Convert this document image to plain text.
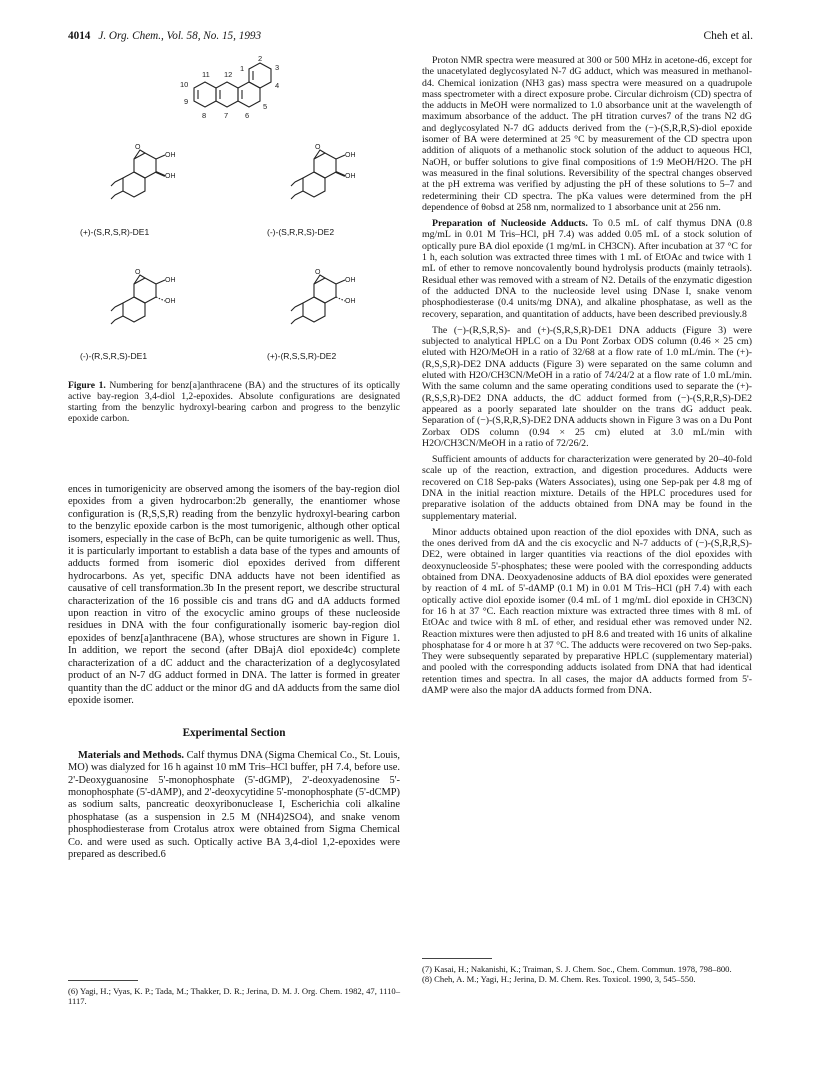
4014 J. Org. Chem., Vol. 58, No. 15, 1993	Cheh et al.
2
3
4
5
6
7
8
9
10
11 12
1
O
OH
OH
O
OH
OH
O
OH
OH
O
OH
OH
(+)-(S,R,S,R)-DE1	(-)-(S,R,R,S)-DE2
(-)-(R,S,R,S)-DE1	(+)-(R,S,S,R)-DE2
Figure 1. Numbering for benz[a]anthracene (BA) and the structures of its optically active bay-region 3,4-diol 1,2-epoxides. Absolute configurations are designated starting from the benzylic hydroxyl-bearing carbon and progress to the benzylic epoxide carbon.

ences in tumorigenicity are observed among the isomers of the bay-region diol epoxides from a given hydrocarbon:2b generally, the enantiomer whose configuration is (R,S,S,R) reading from the benzylic hydroxyl-bearing carbon to the benzylic epoxide carbon is the most tumorigenic, although other optical isomers, especially in the case of BcPh, can be quite tumorigenic as well. Thus, it is particularly important to establish a data base of the types and amounts of adducts formed from isomeric diol epoxides derived from different hydrocarbons. As yet, specific DNA adducts have not been identified as causative of cell transformation.3b In the present report, we describe structural characterization of the 16 possible cis and trans dG and dA adducts formed upon reaction in vitro of the exocyclic amino groups of these nucleoside residues in DNA with the four configurationally isomeric bay-region diol epoxides of benz[a]anthracene (BA), whose structures are shown in Figure 1. In addition, we report the second (after DBajA diol epoxide4c) complete characterization of a dC adduct and the characterization of a deglycosylated product of an N-7 dG adduct formed in DNA. The latter is formed in greater quantity than the dC adduct or the minor dG and dA adducts from the same diol epoxide isomer.

Experimental Section

Materials and Methods. Calf thymus DNA (Sigma Chemical Co., St. Louis, MO) was dialyzed for 16 h against 10 mM Tris–HCl buffer, pH 7.4, before use. 2'-Deoxyguanosine 5'-monophosphate (5'-dGMP), 2'-deoxyadenosine 5'-monophosphate (5'-dAMP), and 2'-deoxycytidine 5'-monophosphate (5'-dCMP) as sodium salts, pancreatic deoxyribonuclease I, Escherichia coli alkaline phosphatase (as a suspension in 2.5 M (NH4)2SO4), and snake venom phosphodiesterase from Crotalus atrox were obtained from Sigma Chemical Co. and were used as such. Optically active BA 3,4-diol 1,2-epoxides were prepared as described.6

(6) Yagi, H.; Vyas, K. P.; Tada, M.; Thakker, D. R.; Jerina, D. M. J. Org. Chem. 1982, 47, 1110–1117.

Proton NMR spectra were measured at 300 or 500 MHz in acetone-d6, except for the unacetylated deglycosylated N-7 dG adduct, which was measured in methanol-d4. Chemical ionization (NH3 gas) mass spectra were measured on a quadrupole mass spectrometer with a direct exposure probe. Circular dichroism (CD) spectra of the adducts in MeOH were normalized to 1.0 absorbance unit at the wavelength of maximum absorbance of the adduct. The pH titration curves7 of the trans N2 dG and deglycosylated N-7 dG adducts derived from the (−)-(S,R,R,S)-diol epoxide isomer of BA were determined at 25 °C by measurement of the CD spectra upon addition of aliquots of a methanolic stock solution of the adduct to aqueous HCl, NaOH, or buffer solutions to give final compositions of 1:9 MeOH/H2O. The pH was measured in the final solutions. Reversibility of the spectral changes observed at the pH extrema was verified by adjusting the pH of these solutions to 5–7 and redetermining their CD spectra. The pKa values were determined from the pH dependence of θobsd at 258 nm, normalized to 1 absorbance unit at 256 nm.

Preparation of Nucleoside Adducts. To 0.5 mL of calf thymus DNA (0.8 mg/mL in 0.01 M Tris–HCl, pH 7.4) was added 0.05 mL of a stock solution of optically pure BA diol epoxide (1 mg/mL in CH3CN). After incubation at 37 °C for 1 h, each solution was extracted three times with 1 mL of EtOAc and twice with 1 mL of ether to remove noncovalently bound hydrolysis products (mainly tetraols). Residual ether was removed with a stream of N2. Details of the enzymatic digestion of the adducted DNA to the nucleoside level using DNase I, snake venom phosphodiesterase (0.4 units/mg DNA), and alkaline phosphatase, as well as the recovery, separation, and quantitation of adducts, have been described previously.8

The (−)-(R,S,R,S)- and (+)-(S,R,S,R)-DE1 DNA adducts (Figure 3) were subjected to analytical HPLC on a Du Pont Zorbax ODS column (0.46 × 25 cm) eluted with H2O/MeOH in a ratio of 32/68 at a flow rate of 1.0 mL/min. The (+)-(R,S,S,R)-DE2 DNA adducts (Figure 3) were separated on the same column and eluted with H2O/CH3CN/MeOH in a ratio of 74/24/2 at a flow rate of 1.0 mL/min. With the same column and the same operating conditions used to separate the (+)-(R,S,S,R)-DE2 DNA adducts, the dC adduct formed from (−)-(S,R,R,S)-DE2 appeared as a poorly separated late shoulder on the trans dG adduct peak. Separation of (−)-(S,R,R,S)-DE2 DNA adducts shown in Figure 3 was on a Du Pont Zorbax ODS column (0.94 × 25 cm) eluted at 3.0 mL/min with H2O/CH3CN/MeOH in a ratio of 72/26/2.

Sufficient amounts of adducts for characterization were generated by 20–40-fold scale up of the reaction, extraction, and digestion procedures. Adducts were recovered on C18 Sep-paks (Waters Associates), using one Sep-pak per 4.8 mg of DNA in the initial reaction mixture. Details of the HPLC procedures used for preparative isolation of the adducts obtained from DNA may be found in the supplementary material.

Minor adducts obtained upon reaction of the diol epoxides with DNA, such as the ones derived from dA and the cis exocyclic and N-7 adducts of (−)-(S,R,R,S)-DE2, were obtained in larger quantities via reactions of the diol epoxides with deoxynucleoside 5'-phosphates; these were pooled with the corresponding adducts obtained from DNA. Deoxyadenosine adducts of BA diol epoxides were generated by reaction of 4 mL of 5'-dAMP (0.1 M) in 0.01 M Tris–HCl (pH 7.4) with each optically active diol epoxide isomer (0.4 mL of 1 mg/mL diol epoxide in CH3CN) for 16 h at 37 °C. Each reaction mixture was extracted three times with 8 mL of EtOAc and twice with 8 mL of ether, and residual ether was removed under N2. Reaction mixtures were then adjusted to pH 8.6 and treated with 16 units of alkaline phosphatase for 4 or more h at 37 °C. The adducts were recovered on two Sep-paks. They were subsequently separated by preparative HPLC (supplementary material) and pooled with the corresponding adducts isolated from DNA that had identical retention times and spectra. In all cases, the major dA adducts formed from 5'-dAMP were also the major dA adducts formed from DNA.

(7) Kasai, H.; Nakanishi, K.; Traiman, S. J. Chem. Soc., Chem. Commun. 1978, 798–800.
(8) Cheh, A. M.; Yagi, H.; Jerina, D. M. Chem. Res. Toxicol. 1990, 3, 545–550.
